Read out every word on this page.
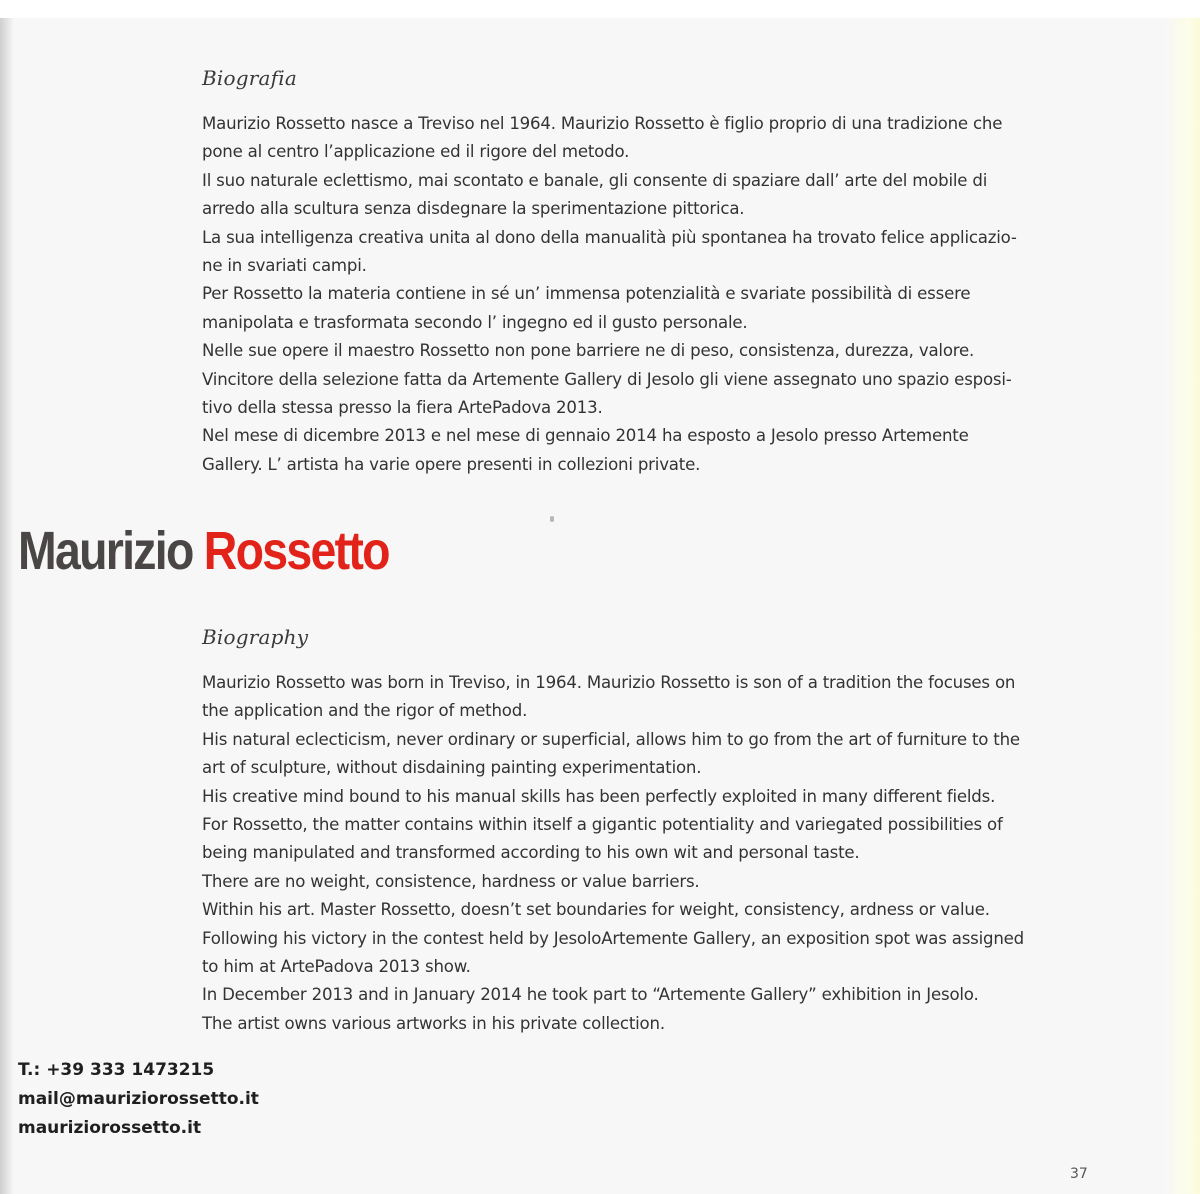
Biografia

Maurizio Rossetto nasce a Treviso nel 1964. Maurizio Rossetto è figlio proprio di una tradizione che

pone al centro l’applicazione ed il rigore del metodo.

Il suo naturale eclettismo, mai scontato e banale, gli consente di spaziare dall’ arte del mobile di

arredo alla scultura senza disdegnare la sperimentazione pittorica.

La sua intelligenza creativa unita al dono della manualità più spontanea ha trovato felice applicazio-

ne in svariati campi.

Per Rossetto la materia contiene in sé un’ immensa potenzialità e svariate possibilità di essere

manipolata e trasformata secondo l’ ingegno ed il gusto personale.

Nelle sue opere il maestro Rossetto non pone barriere ne di peso, consistenza, durezza, valore.

Vincitore della selezione fatta da Artemente Gallery di Jesolo gli viene assegnato uno spazio esposi-

tivo della stessa presso la fiera ArtePadova 2013.

Nel mese di dicembre 2013 e nel mese di gennaio 2014 ha esposto a Jesolo presso Artemente

Gallery. L’ artista ha varie opere presenti in collezioni private.

Maurizio Rossetto
Biography

Maurizio Rossetto was born in Treviso, in 1964. Maurizio Rossetto is son of a tradition the focuses on

the application and the rigor of method.

His natural eclecticism, never ordinary or superficial, allows him to go from the art of furniture to the

art of sculpture, without disdaining painting experimentation.

His creative mind bound to his manual skills has been perfectly exploited in many different fields.

For Rossetto, the matter contains within itself a gigantic potentiality and variegated possibilities of

being manipulated and transformed according to his own wit and personal taste.

There are no weight, consistence, hardness or value barriers.

Within his art. Master Rossetto, doesn’t set boundaries for weight, consistency, ardness or value.

Following his victory in the contest held by JesoloArtemente Gallery, an exposition spot was assigned

to him at ArtePadova 2013 show.

In December 2013 and in January 2014 he took part to “Artemente Gallery” exhibition in Jesolo.

The artist owns various artworks in his private collection.

T.: +39 333 1473215
mail@mauriziorossetto.it
mauriziorossetto.it
37
